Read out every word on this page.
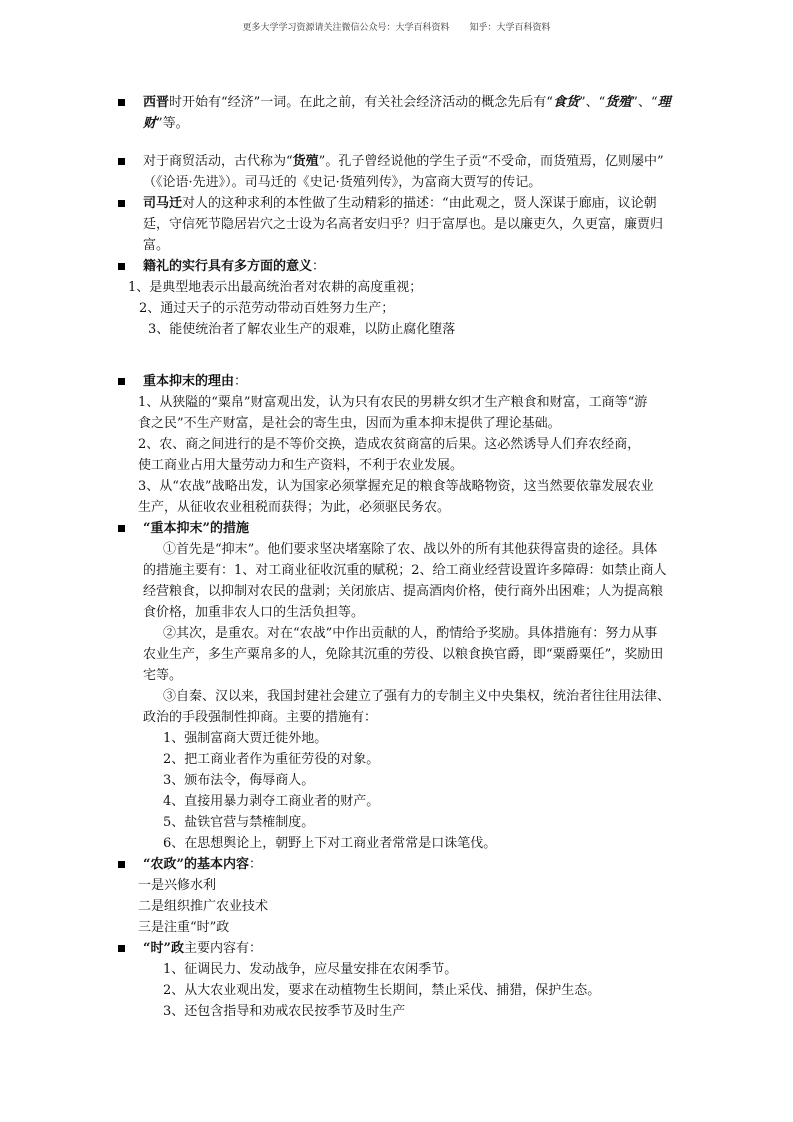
更多大学学习资源请关注微信公众号：大学百科资料       知乎：大学百科资料
西晋时开始有“经济”一词。在此之前，有关社会经济活动的概念先后有“食货”、“货殖”、“理
财”等。
对于商贸活动，古代称为“货殖”。孔子曾经说他的学生子贡“不受命，而货殖焉，亿则屡中”
（《论语·先进》）。司马迁的《史记·货殖列传》，为富商大贾写的传记。
司马迁对人的这种求利的本性做了生动精彩的描述：“由此观之，贤人深谋于廊庙，议论朝
廷，守信死节隐居岩穴之士设为名高者安归乎？归于富厚也。是以廉吏久，久更富，廉贾归
富。
籍礼的实行具有多方面的意义：
1、是典型地表示出最高统治者对农耕的高度重视；
2、通过天子的示范劳动带动百姓努力生产；
3、能使统治者了解农业生产的艰难，以防止腐化堕落
重本抑末的理由：
1、从狭隘的“粟帛”财富观出发，认为只有农民的男耕女织才生产粮食和财富，工商等“游
食之民”不生产财富，是社会的寄生虫，因而为重本抑末提供了理论基础。
2、农、商之间进行的是不等价交换，造成农贫商富的后果。这必然诱导人们弃农经商，
使工商业占用大量劳动力和生产资料，不利于农业发展。
3、从“农战”战略出发，认为国家必须掌握充足的粮食等战略物资，这当然要依靠发展农业
生产，从征收农业租税而获得；为此，必须驱民务农。
“重本抑末”的措施
①首先是“抑末”。他们要求坚决堵塞除了农、战以外的所有其他获得富贵的途径。具体
的措施主要有：1、对工商业征收沉重的赋税；2、给工商业经营设置许多障碍：如禁止商人
经营粮食，以抑制对农民的盘剥；关闭旅店、提高酒肉价格，使行商外出困难；人为提高粮
食价格，加重非农人口的生活负担等。
②其次，是重农。对在“农战”中作出贡献的人，酌情给予奖励。具体措施有：努力从事
农业生产，多生产粟帛多的人，免除其沉重的劳役、以粮食换官爵，即“粟爵粟任”，奖励田
宅等。
③自秦、汉以来，我国封建社会建立了强有力的专制主义中央集权，统治者往往用法律、
政治的手段强制性抑商。主要的措施有：
1、强制富商大贾迁徙外地。
2、把工商业者作为重征劳役的对象。
3、颁布法令，侮辱商人。
4、直接用暴力剥夺工商业者的财产。
5、盐铁官营与禁榷制度。
6、在思想舆论上，朝野上下对工商业者常常是口诛笔伐。
“农政”的基本内容：
一是兴修水利
二是组织推广农业技术
三是注重“时”政
“时”政主要内容有：
1、征调民力、发动战争，应尽量安排在农闲季节。
2、从大农业观出发，要求在动植物生长期间，禁止采伐、捕猎，保护生态。
3、还包含指导和劝戒农民按季节及时生产
